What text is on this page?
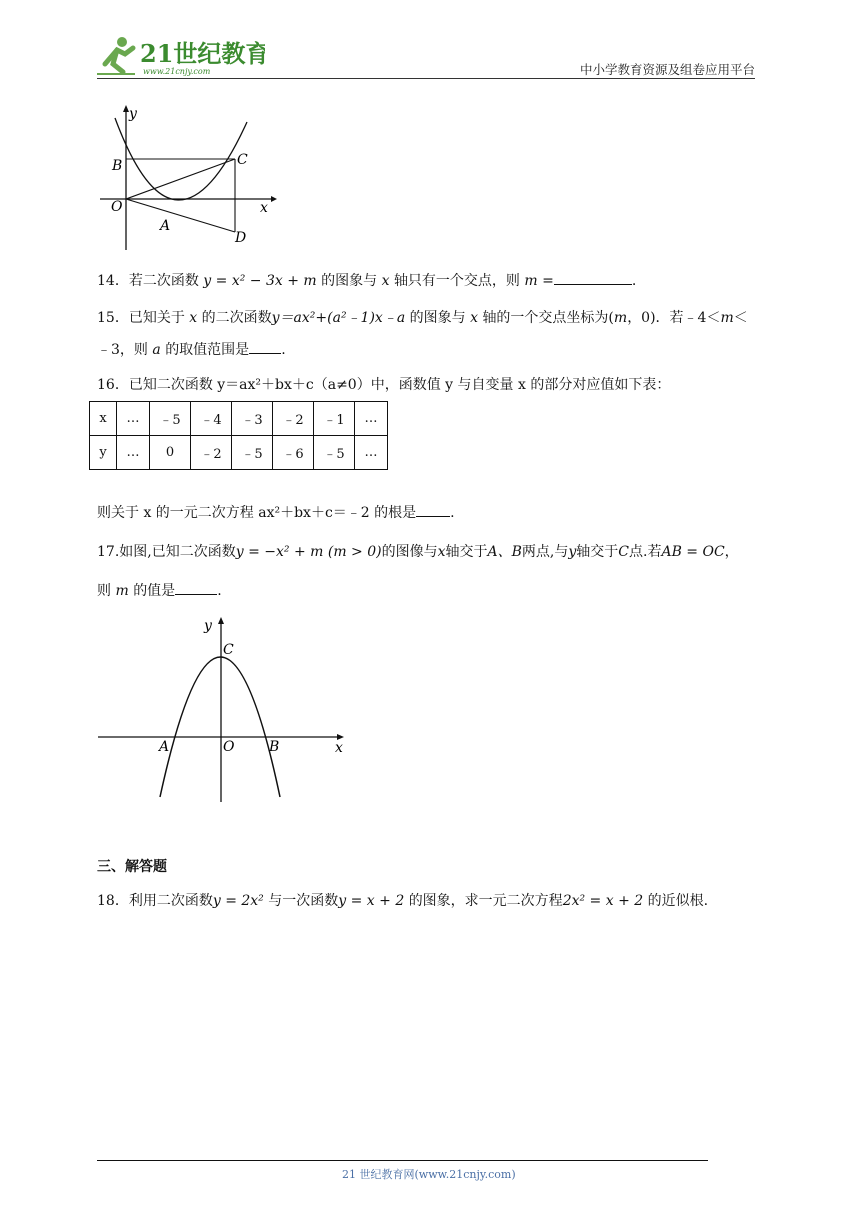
21世纪教育
www.21cnjy.com	中小学教育资源及组卷应用平台
y
x
O
B	C
A
D
14．若二次函数 y = x² − 3x + m 的图象与 x 轴只有一个交点，则 m =	.
15．已知关于 x 的二次函数y＝ax²+(a²﹣1)x﹣a 的图象与 x 轴的一个交点坐标为(m，0)．若﹣4＜m＜
﹣3，则 a 的取值范围是 .
16．已知二次函数 y＝ax²＋bx＋c（a≠0）中，函数值 y 与自变量 x 的部分对应值如下表：
x	…	﹣5	﹣4	﹣3	﹣2	﹣1	…
y	…	0	﹣2	﹣5	﹣6	﹣5	…
则关于 x 的一元二次方程 ax²＋bx＋c＝﹣2 的根是 .
17.如图,已知二次函数y = −x² + m (m > 0)的图像与x轴交于A、B两点,与y轴交于C点.若AB = OC，
则 m 的值是	.
y
x
C
A	O B
三、解答题
18．利用二次函数y = 2x² 与一次函数y = x + 2 的图象，求一元二次方程2x² = x + 2 的近似根.
21 世纪教育网(www.21cnjy.com)
